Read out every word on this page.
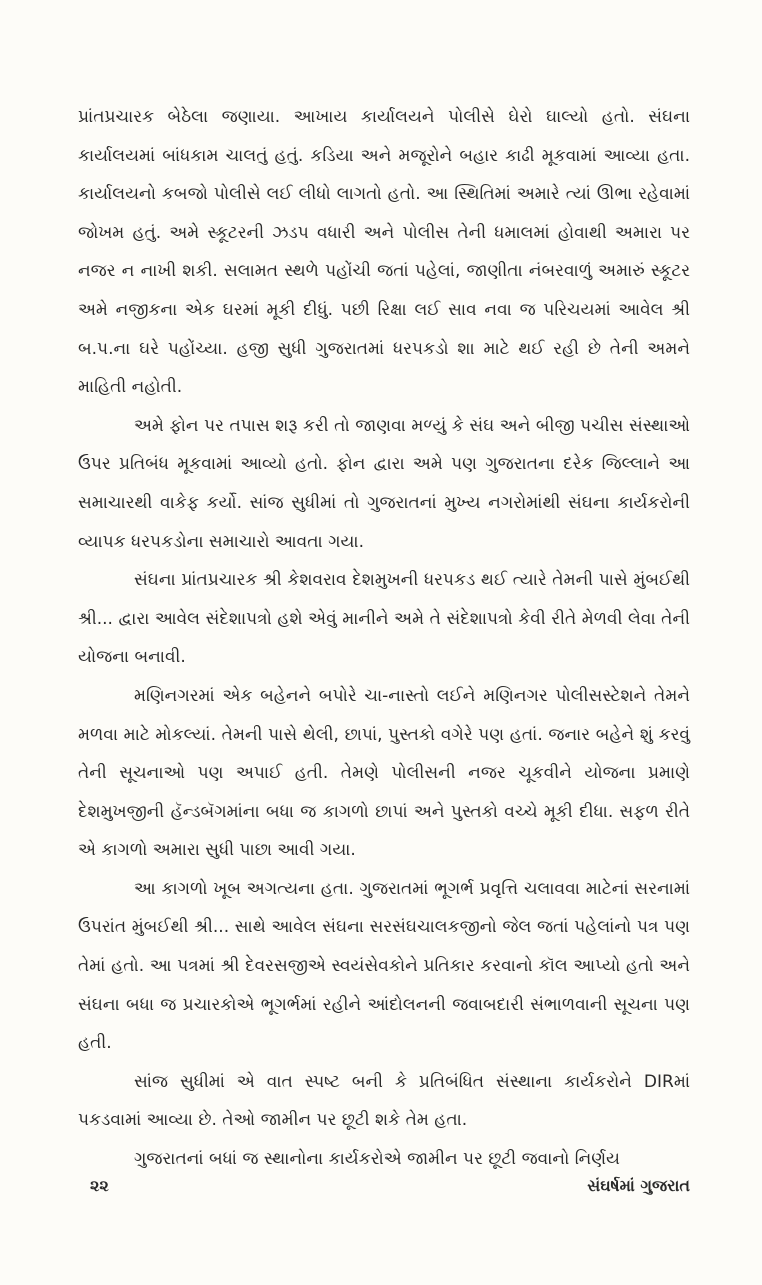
પ્રાંતપ્રચારક બેઠેલા જણાયા. આખાય કાર્યાલયને પોલીસે ઘેરો ઘાલ્યો હતો. સંઘના કાર્યાલયમાં બાંધકામ ચાલતું હતું. કડિયા અને મજૂરોને બહાર કાઢી મૂકવામાં આવ્યા હતા. કાર્યાલયનો કબજો પોલીસે લઈ લીધો લાગતો હતો. આ સ્થિતિમાં અમારે ત્યાં ઊભા રહેવામાં જોખમ હતું. અમે સ્કૂટરની ઝડપ વધારી અને પોલીસ તેની ધમાલમાં હોવાથી અમારા પર નજર ન નાખી શકી. સલામત સ્થળે પહોંચી જતાં પહેલાં, જાણીતા નંબરવાળું અમારું સ્કૂટર અમે નજીકના એક ઘરમાં મૂકી દીધું. પછી રિક્ષા લઈ સાવ નવા જ પરિચયમાં આવેલ શ્રી બ.પ.ના ઘરે પહોંચ્યા. હજી સુધી ગુજરાતમાં ધરપકડો શા માટે થઈ રહી છે તેની અમને માહિતી નહોતી.

અમે ફોન પર તપાસ શરૂ કરી તો જાણવા મળ્યું કે સંઘ અને બીજી પચીસ સંસ્થાઓ ઉપર પ્રતિબંધ મૂકવામાં આવ્યો હતો. ફોન દ્વારા અમે પણ ગુજરાતના દરેક જિલ્લાને આ સમાચારથી વાકેફ કર્યો. સાંજ સુધીમાં તો ગુજરાતનાં મુખ્ય નગરોમાંથી સંઘના કાર્યકરોની વ્યાપક ધરપકડોના સમાચારો આવતા ગયા.

સંઘના પ્રાંતપ્રચારક શ્રી કેશવરાવ દેશમુખની ધરપકડ થઈ ત્યારે તેમની પાસે મુંબઈથી શ્રી... દ્વારા આવેલ સંદેશાપત્રો હશે એવું માનીને અમે તે સંદેશાપત્રો કેવી રીતે મેળવી લેવા તેની યોજના બનાવી.

મણિનગરમાં એક બહેનને બપોરે ચા-નાસ્તો લઈને મણિનગર પોલીસસ્ટેશને તેમને મળવા માટે મોકલ્યાં. તેમની પાસે થેલી, છાપાં, પુસ્તકો વગેરે પણ હતાં. જનાર બહેને શું કરવું તેની સૂચનાઓ પણ અપાઈ હતી. તેમણે પોલીસની નજર ચૂકવીને યોજના પ્રમાણે દેશમુખજીની હૅન્ડબૅગમાંના બધા જ કાગળો છાપાં અને પુસ્તકો વચ્ચે મૂકી દીધા. સફળ રીતે એ કાગળો અમારા સુધી પાછા આવી ગયા.

આ કાગળો ખૂબ અગત્યના હતા. ગુજરાતમાં ભૂગર્ભ પ્રવૃત્તિ ચલાવવા માટેનાં સરનામાં ઉપરાંત મુંબઈથી શ્રી... સાથે આવેલ સંઘના સરસંઘચાલકજીનો જેલ જતાં પહેલાંનો પત્ર પણ તેમાં હતો. આ પત્રમાં શ્રી દેવરસજીએ સ્વયંસેવકોને પ્રતિકાર કરવાનો કૉલ આપ્યો હતો અને સંઘના બધા જ પ્રચારકોએ ભૂગર્ભમાં રહીને આંદોલનની જવાબદારી સંભાળવાની સૂચના પણ હતી.

સાંજ સુધીમાં એ વાત સ્પષ્ટ બની કે પ્રતિબંધિત સંસ્થાના કાર્યકરોને DIRમાં પકડવામાં આવ્યા છે. તેઓ જામીન પર છૂટી શકે તેમ હતા.

ગુજરાતનાં બધાં જ સ્થાનોના કાર્યકરોએ જામીન પર છૂટી જવાનો નિર્ણય

૨૨	સંઘર્ષમાં ગુજરાત
